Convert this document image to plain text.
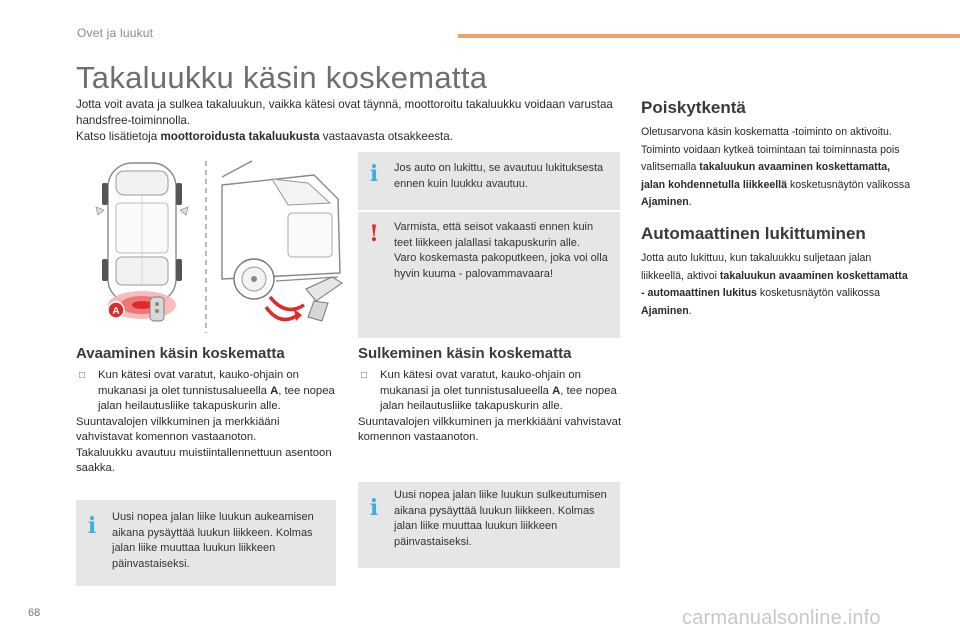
Ovet ja luukut
Takaluukku käsin koskematta

Jotta voit avata ja sulkea takaluukun, vaikka kätesi ovat täynnä, moottoroitu takaluukku voidaan varustaa handsfree-toiminnolla.

Katso lisätietoja moottoroidusta takaluukusta vastaavasta otsakkeesta.

A
i	Jos auto on lukittu, se avautuu lukituksesta ennen kuin luukku avautuu.
! Varmista, että seisot vakaasti ennen kuin teet liikkeen jalallasi takapuskurin alle.

Varo koskemasta pakoputkeen, joka voi olla hyvin kuuma - palovammavaara!

Avaaminen käsin koskematta

□ Kun kätesi ovat varatut, kauko-ohjain on mukanasi ja olet tunnistusalueella A, tee nopea jalan heilautusliike takapuskurin alle.

Suuntavalojen vilkkuminen ja merkkiääni vahvistavat komennon vastaanoton.

Takaluukku avautuu muistiintallennettuun asentoon saakka.

i	Uusi nopea jalan liike luukun aukeamisen aikana pysäyttää luukun liikkeen. Kolmas jalan liike muuttaa luukun liikkeen päinvastaiseksi.
Sulkeminen käsin koskematta

□ Kun kätesi ovat varatut, kauko-ohjain on mukanasi ja olet tunnistusalueella A, tee nopea jalan heilautusliike takapuskurin alle.

Suuntavalojen vilkkuminen ja merkkiääni vahvistavat komennon vastaanoton.

i	Uusi nopea jalan liike luukun sulkeutumisen aikana pysäyttää luukun liikkeen. Kolmas jalan liike muuttaa luukun liikkeen päinvastaiseksi.
Poiskytkentä

Oletusarvona käsin koskematta -toiminto on aktivoitu.

Toiminto voidaan kytkeä toimintaan tai toiminnasta pois valitsemalla takaluukun avaaminen koskettamatta, jalan kohdennetulla liikkeellä kosketusnäytön valikossa Ajaminen.

Automaattinen lukittuminen

Jotta auto lukittuu, kun takaluukku suljetaan jalan liikkeellä, aktivoi takaluukun avaaminen koskettamatta - automaattinen lukitus kosketusnäytön valikossa Ajaminen.

68	carmanualsonline.info
